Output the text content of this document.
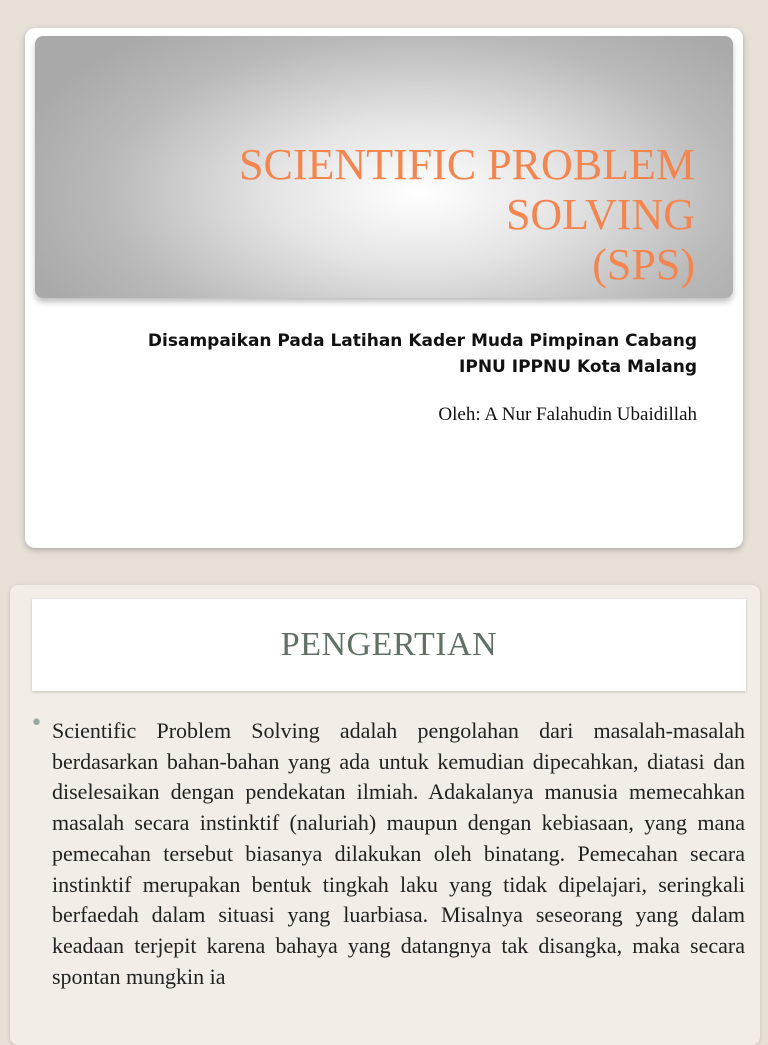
SCIENTIFIC PROBLEM
SOLVING
(SPS)
Disampaikan Pada Latihan Kader Muda Pimpinan Cabang
IPNU IPPNU Kota Malang
Oleh: A Nur Falahudin Ubaidillah
PENGERTIAN
• Scientific Problem Solving adalah pengolahan dari masalah-masalah berdasarkan bahan-bahan yang ada untuk kemudian dipecahkan, diatasi dan diselesaikan dengan pendekatan ilmiah. Adakalanya manusia memecahkan masalah secara instinktif (naluriah) maupun dengan kebiasaan, yang mana pemecahan tersebut biasanya dilakukan oleh binatang. Pemecahan secara instinktif merupakan bentuk tingkah laku yang tidak dipelajari, seringkali berfaedah dalam situasi yang luarbiasa. Misalnya seseorang yang dalam keadaan terjepit karena bahaya yang datangnya tak disangka, maka secara spontan mungkin ia
